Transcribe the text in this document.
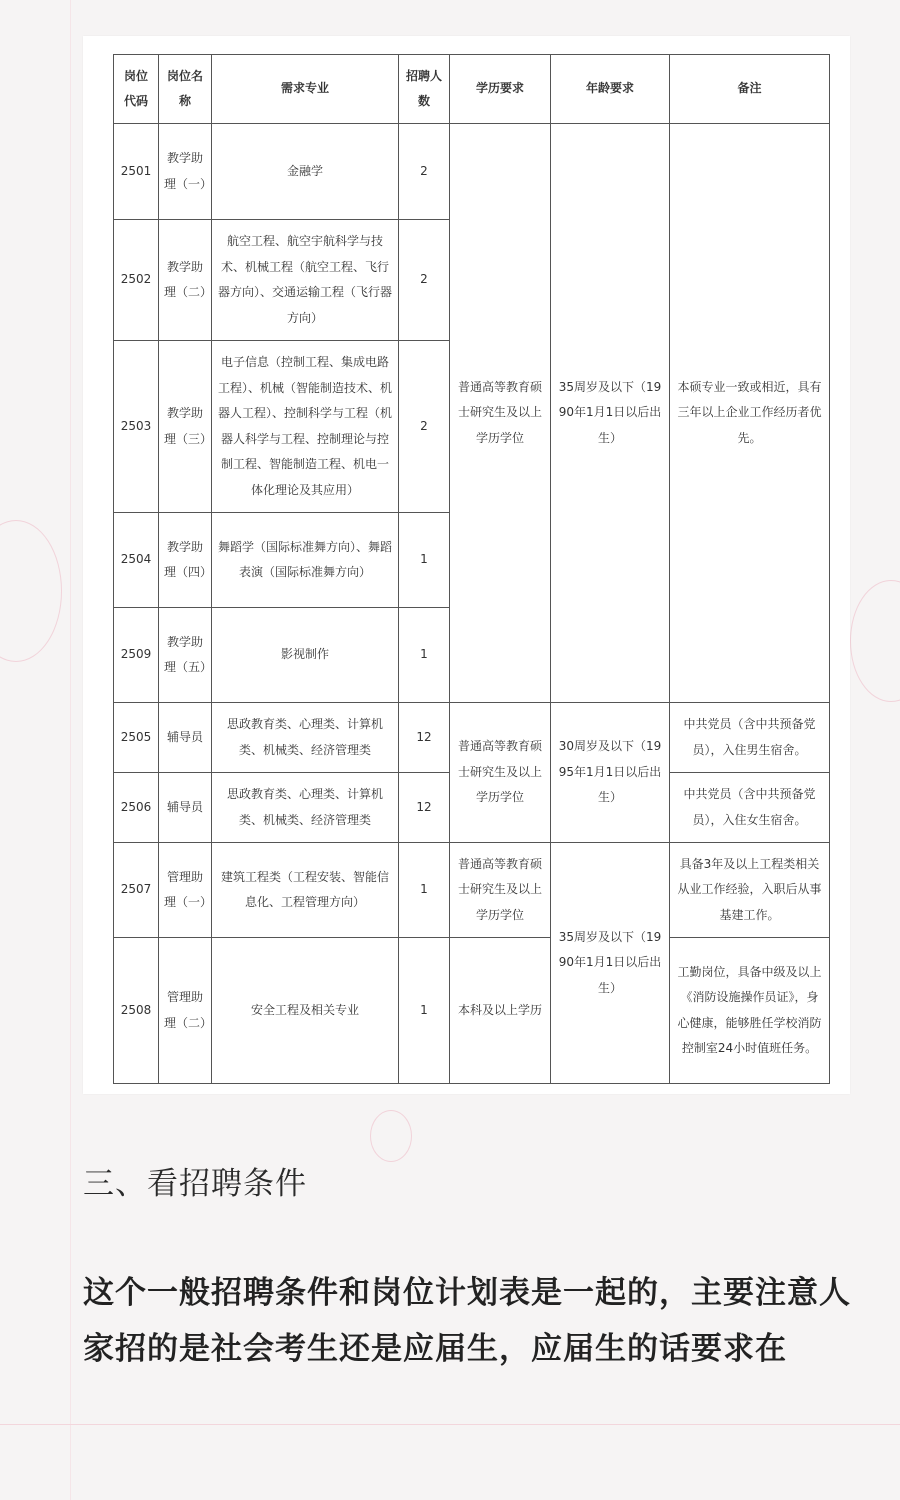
岗位代码	岗位名称	需求专业	招聘人数	学历要求	年龄要求	备注
2501	教学助理（一）	金融学	2	普通高等教育硕士研究生及以上学历学位	35周岁及以下（1990年1月1日以后出生）	本硕专业一致或相近，具有三年以上企业工作经历者优先。
2502	教学助理（二）	航空工程、航空宇航科学与技术、机械工程（航空工程、飞行器方向）、交通运输工程（飞行器方向）	2			
2503	教学助理（三）	电子信息（控制工程、集成电路工程）、机械（智能制造技术、机器人工程）、控制科学与工程（机器人科学与工程、控制理论与控制工程、智能制造工程、机电一体化理论及其应用）	2			
2504	教学助理（四）	舞蹈学（国际标准舞方向）、舞蹈表演（国际标准舞方向）	1			
2509	教学助理（五）	影视制作	1			
2505	辅导员	思政教育类、心理类、计算机类、机械类、经济管理类	12	普通高等教育硕士研究生及以上学历学位	30周岁及以下（1995年1月1日以后出生）	中共党员（含中共预备党员），入住男生宿舍。
2506	辅导员	思政教育类、心理类、计算机类、机械类、经济管理类	12			中共党员（含中共预备党员），入住女生宿舍。
2507	管理助理（一）	建筑工程类（工程安装、智能信息化、工程管理方向）	1	普通高等教育硕士研究生及以上学历学位	35周岁及以下（1990年1月1日以后出生）	具备3年及以上工程类相关从业工作经验，入职后从事基建工作。
2508	管理助理（二）	安全工程及相关专业	1	本科及以上学历		工勤岗位，具备中级及以上《消防设施操作员证》，身心健康，能够胜任学校消防控制室24小时值班任务。
三、看招聘条件

这个一般招聘条件和岗位计划表是一起的，主要注意人家招的是社会考生还是应届生，应届生的话要求在
